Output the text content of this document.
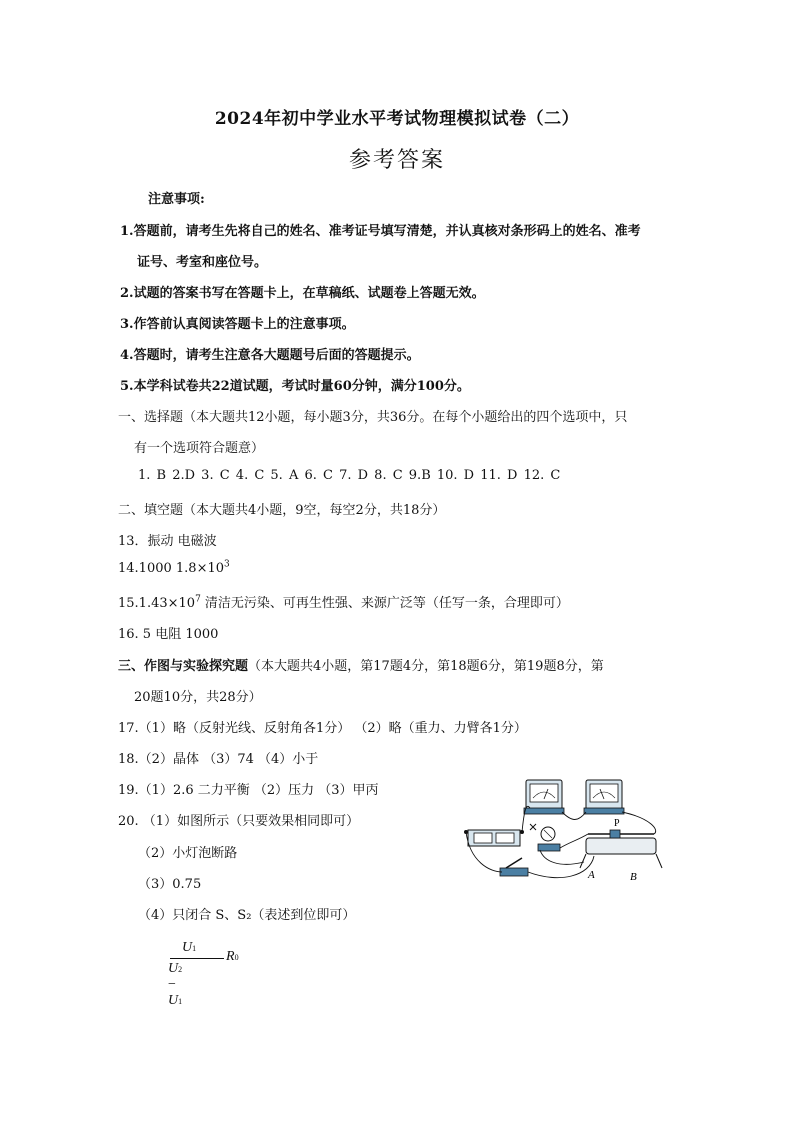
2024年初中学业水平考试物理模拟试卷（二）
参考答案
注意事项:
1.答题前，请考生先将自己的姓名、准考证号填写清楚，并认真核对条形码上的姓名、准考
证号、考室和座位号。
2.试题的答案书写在答题卡上，在草稿纸、试题卷上答题无效。
3.作答前认真阅读答题卡上的注意事项。
4.答题时，请考生注意各大题题号后面的答题提示。
5.本学科试卷共22道试题，考试时量60分钟，满分100分。
一、选择题（本大题共12小题，每小题3分，共36分。在每个小题给出的四个选项中，只
有一个选项符合题意）
1. B 2.D 3. C 4. C 5. A 6. C 7. D 8. C 9.B 10. D 11. D 12. C
二、填空题（本大题共4小题，9空，每空2分，共18分）
13．振动 电磁波
14.1000 $1.8\times 10^3$
$15.1.43\times 10^7$ 清洁无污染、可再生性强、来源广泛等（任写一条，合理即可）
16. 5 电阻 1000
三、作图与实验探究题（本大题共4小题，第17题4分，第18题6分，第19题8分，第
20题10分，共28分）
17.（1）略（反射光线、反射角各1分） （2）略（重力、力臂各1分）
18.（2）晶体 （3）74 （4）小于
19.（1）2.6 二力平衡 （2）压力 （3）甲丙
20. （1）如图所示（只要效果相同即可）
（2）小灯泡断路
（3）0.75
（4）只闭合 S、S₂（表述到位即可）
U1
U2 − U1
R0
P
A	B
